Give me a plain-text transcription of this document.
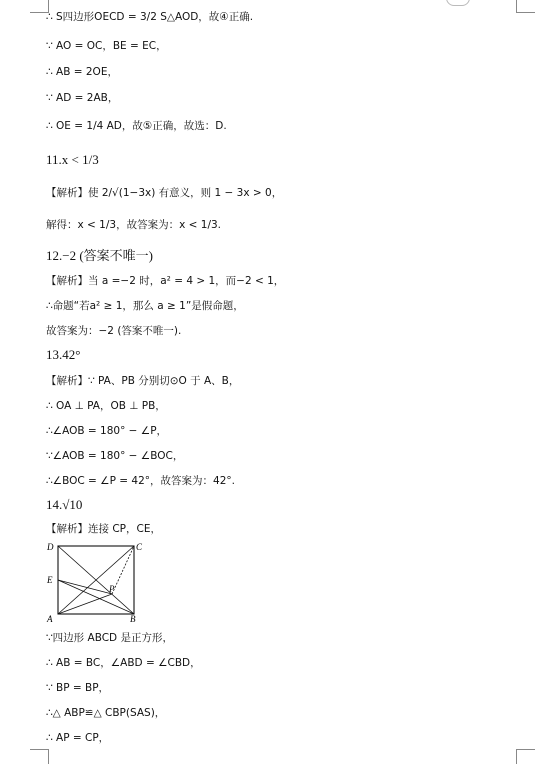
∴ S四边形OECD = 3/2 S△AOD，故④正确.
∵ AO = OC，BE = EC，
∴ AB = 2OE，
∵ AD = 2AB，
∴ OE = 1/4 AD，故⑤正确，故选：D.
11.x < 1/3
【解析】使 2/√(1−3x) 有意义，则 1 − 3x > 0，
解得：x < 1/3，故答案为：x < 1/3.
12.−2 (答案不唯一)
【解析】当 a =−2 时，a² = 4 > 1，而−2 < 1，
∴命题“若a² ≥ 1，那么 a ≥ 1”是假命题，
故答案为：−2 (答案不唯一).
13.42°
【解析】∵ PA、PB 分别切⊙O 于 A、B，
∴ OA ⊥ PA，OB ⊥ PB，
∴∠AOB = 180° − ∠P，
∵∠AOB = 180° − ∠BOC，
∴∠BOC = ∠P = 42°，故答案为：42°.
14.√10
【解析】连接 CP，CE，
D	C
E
P
A	B
∵四边形 ABCD 是正方形，
∴ AB = BC，∠ABD = ∠CBD，
∵ BP = BP，
∴△ ABP≌△ CBP(SAS)，
∴ AP = CP，
